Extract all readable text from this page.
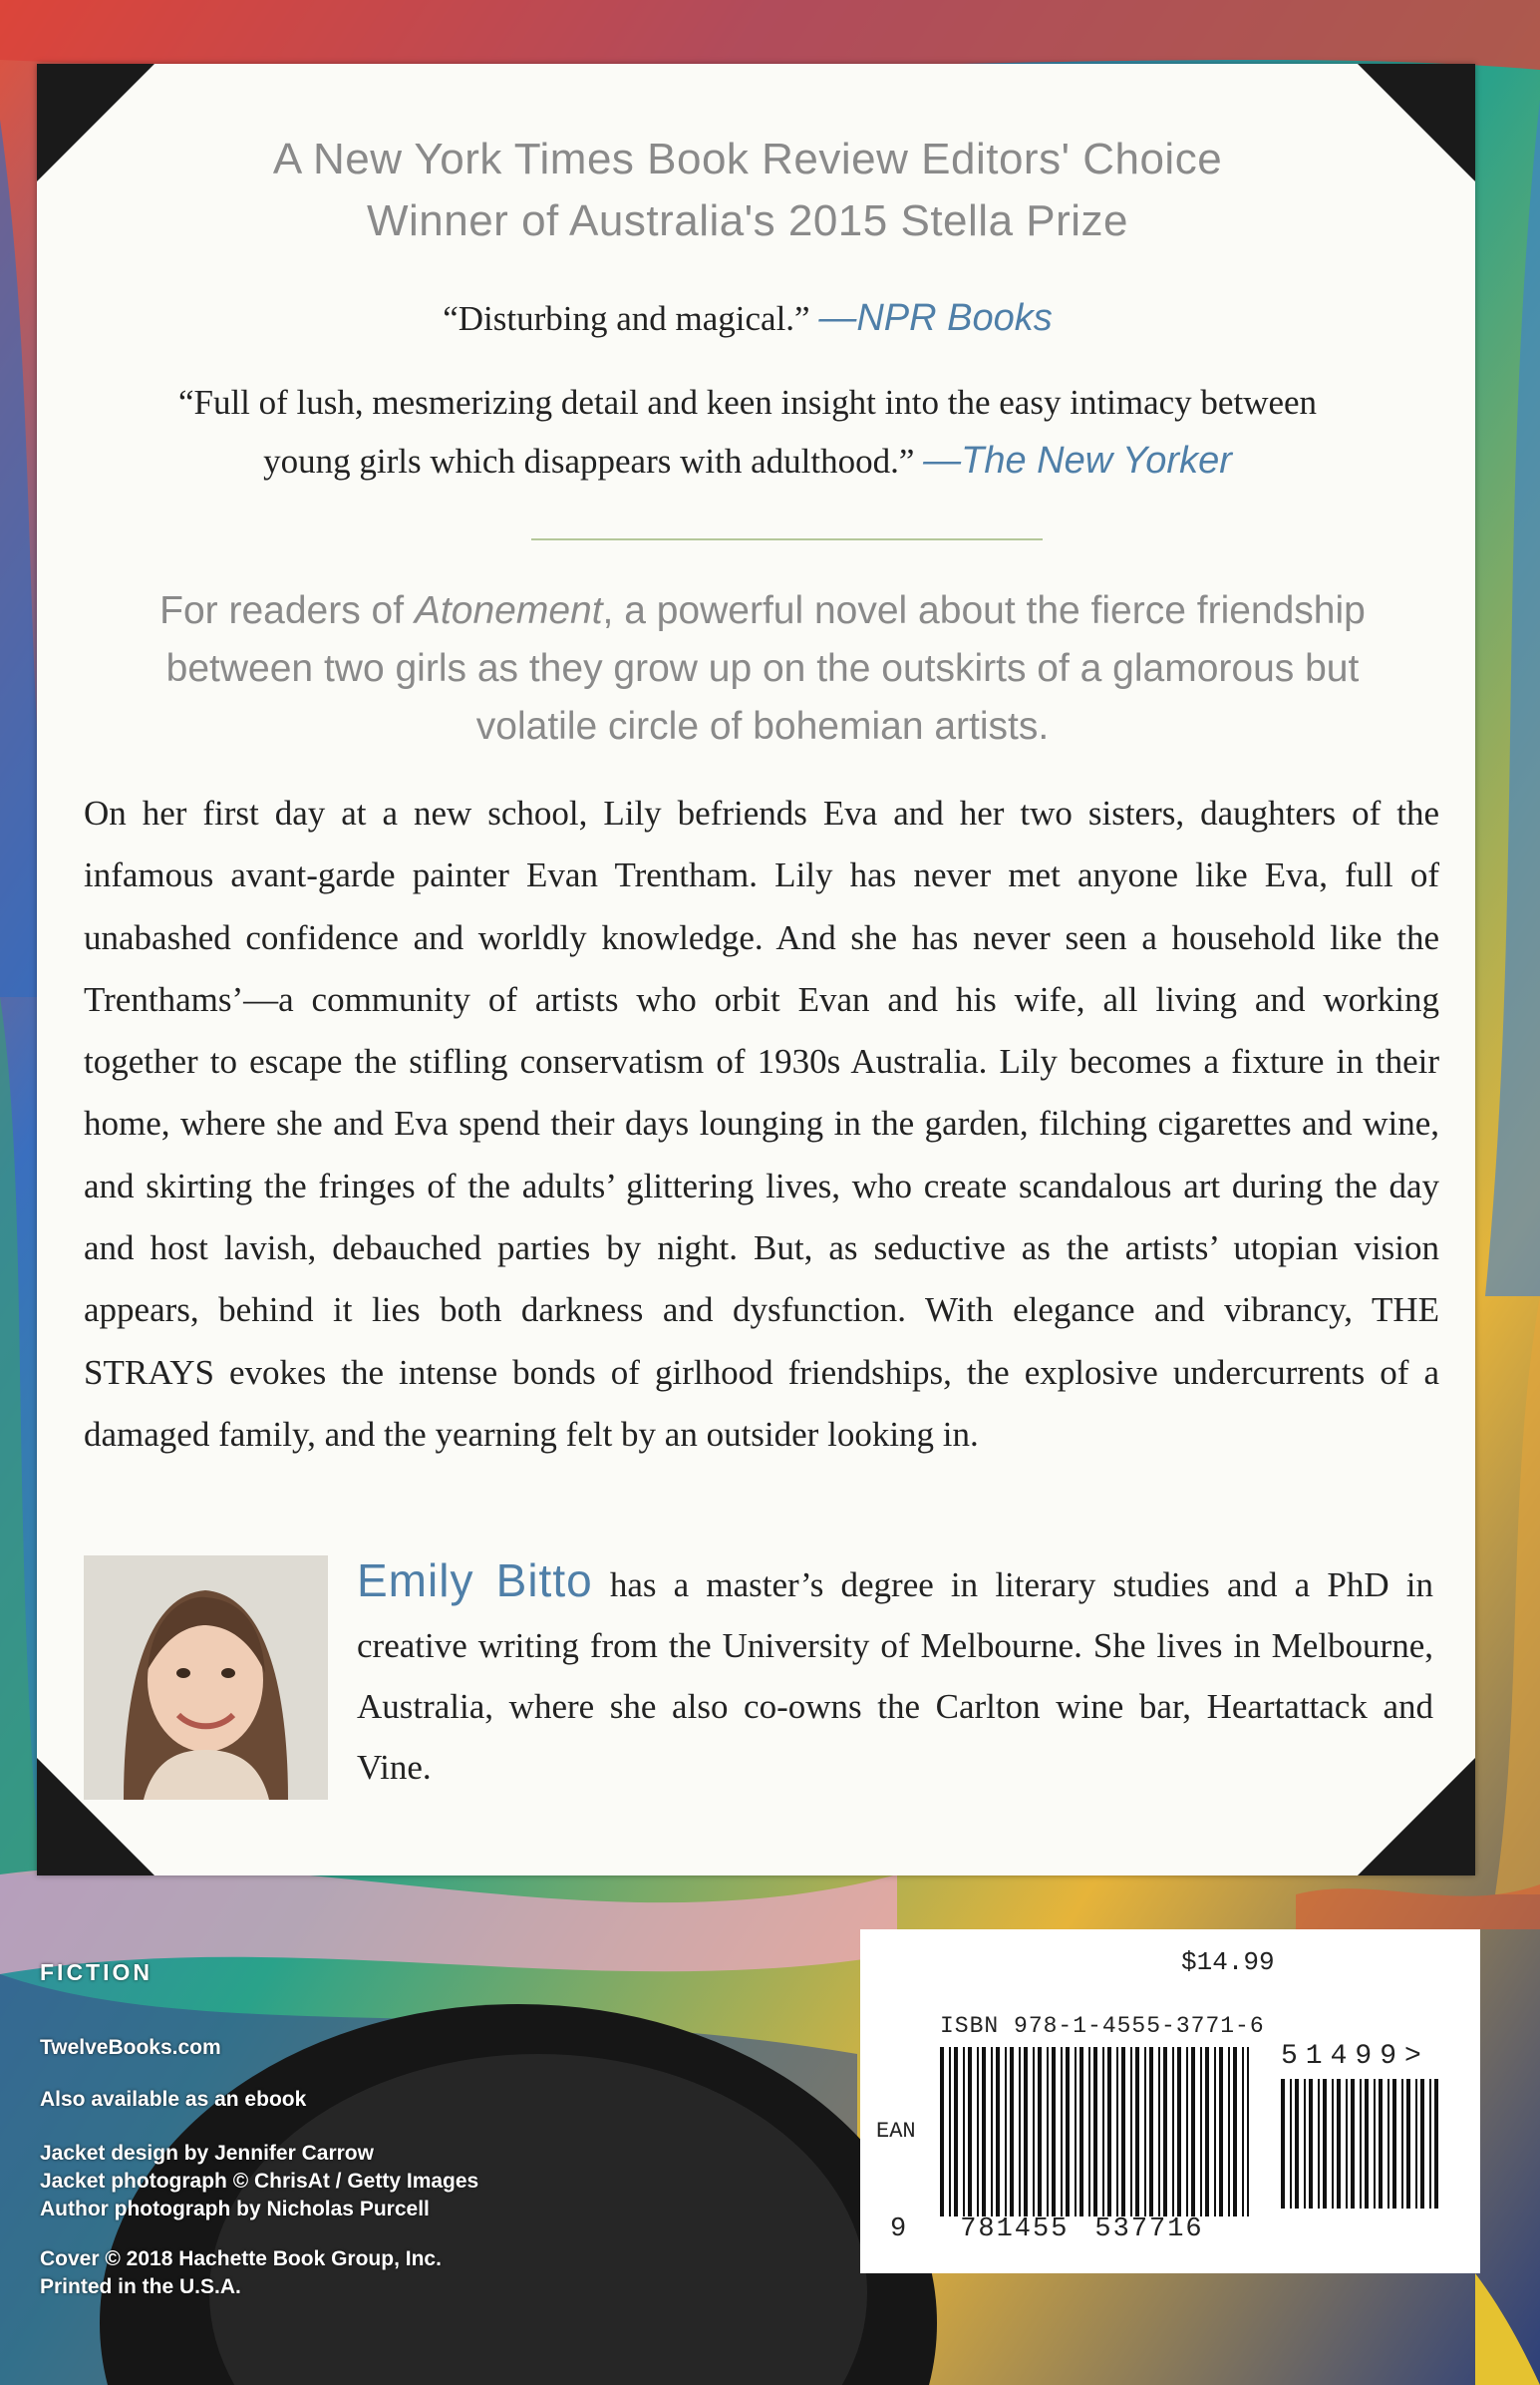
A New York Times Book Review Editors' Choice
Winner of Australia's 2015 Stella Prize
“Disturbing and magical.” —NPR Books
“Full of lush, mesmerizing detail and keen insight into the easy intimacy between
young girls which disappears with adulthood.” —The New Yorker
For readers of Atonement, a powerful novel about the fierce friendship between two girls as they grow up on the outskirts of a glamorous but volatile circle of bohemian artists.
On her first day at a new school, Lily befriends Eva and her two sisters, daughters of the infamous avant-garde painter Evan Trentham. Lily has never met anyone like Eva, full of unabashed confidence and worldly knowledge. And she has never seen a household like the Trenthams’—a community of artists who orbit Evan and his wife, all living and working together to escape the stifling conservatism of 1930s Australia. Lily becomes a fixture in their home, where she and Eva spend their days lounging in the garden, filching cigarettes and wine, and skirting the fringes of the adults’ glittering lives, who create scandalous art during the day and host lavish, debauched parties by night. But, as seductive as the artists’ utopian vision appears, behind it lies both darkness and dysfunction. With elegance and vibrancy, THE STRAYS evokes the intense bonds of girlhood friendships, the explosive undercurrents of a damaged family, and the yearning felt by an outsider looking in.
Emily Bitto has a master’s degree in literary studies and a PhD in creative writing from the University of Melbourne. She lives in Melbourne, Australia, where she also co-owns the Carlton wine bar, Heartattack and Vine.
FICTION
TwelveBooks.com
Also available as an ebook
Jacket design by Jennifer Carrow
Jacket photograph © ChrisAt / Getty Images
Author photograph by Nicholas Purcell
Cover © 2018 Hachette Book Group, Inc.
Printed in the U.S.A.
$14.99
ISBN 978-1-4555-3771-6
EAN
51499>
9 781455 537716
